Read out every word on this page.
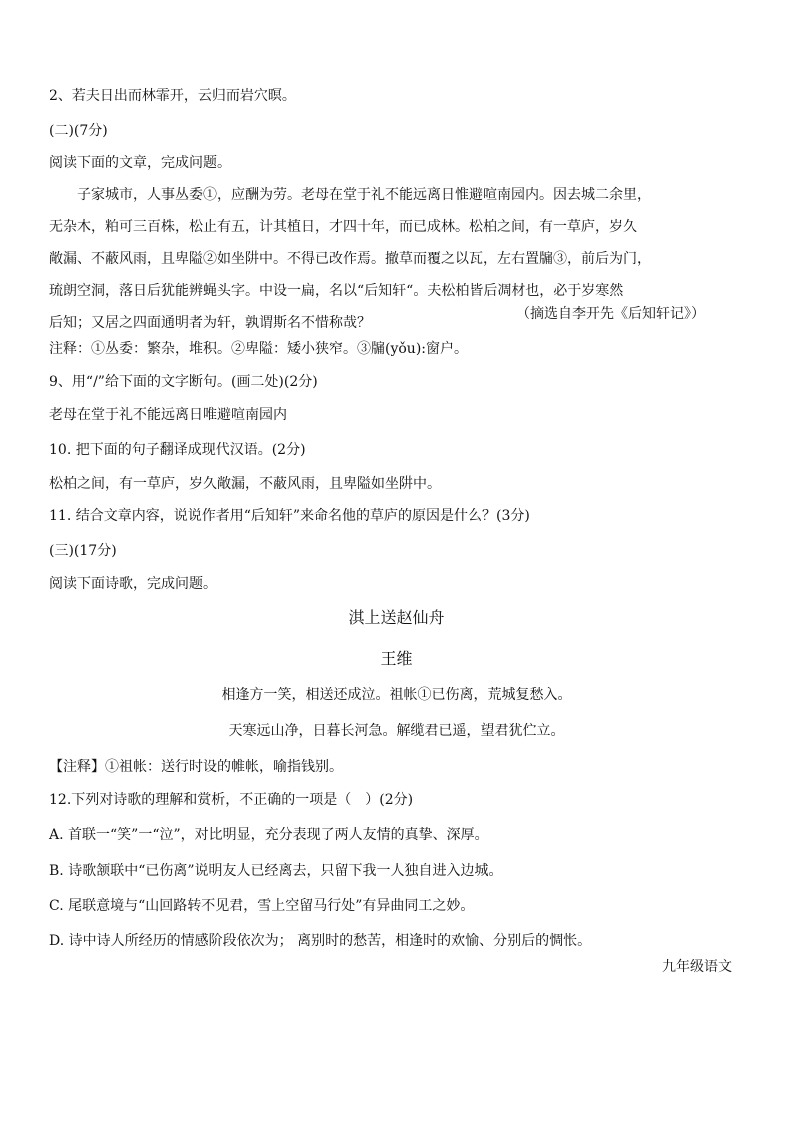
2、若夫日出而林霏开，云归而岩穴暝。
(二)(7分)
阅读下面的文章，完成问题。
　　子家城市，人事丛委①，应酬为劳。老母在堂于礼不能远离日惟避喧南园内。因去城二余里，
无杂木，粕可三百株，松止有五，计其植日，才四十年，而已成林。松柏之间，有一草庐，岁久
敞漏、不蔽风雨，且卑隘②如坐阱中。不得已改作焉。撤草而覆之以瓦，左右置牖③，前后为门，
琉朗空洞，落日后犹能辨蝇头字。中设一扁，名以“后知轩“。夫松柏皆后凋材也，必于岁寒然
后知；又居之四面通明者为轩，孰谓斯名不惜称哉？
（摘选自李开先《后知轩记》）
注释：①丛委：繁杂，堆积。②卑隘：矮小狭窄。③牖(yǒu):窗户。
9、用“/”给下面的文字断句。(画二处)(2分)
老母在堂于礼不能远离日唯避喧南园内
10. 把下面的句子翻译成现代汉语。(2分)
松柏之间，有一草庐，岁久敞漏，不蔽风雨，且卑隘如坐阱中。
11. 结合文章内容，说说作者用“后知轩”来命名他的草庐的原因是什么？(3分)
(三)(17分)
阅读下面诗歌，完成问题。
淇上送赵仙舟
王维
相逢方一笑，相送还成泣。祖帐①已伤离，荒城复愁入。
天寒远山净，日暮长河急。解缆君已遥，望君犹伫立。
【注释】①祖帐：送行时设的帷帐，喻指钱别。
12.下列对诗歌的理解和赏析，不正确的一项是（　）(2分)
A. 首联一“笑”一“泣”，对比明显，充分表现了两人友情的真挚、深厚。
B. 诗歌颔联中“已伤离”说明友人已经离去，只留下我一人独自进入边城。
C. 尾联意境与“山回路转不见君，雪上空留马行处”有异曲同工之妙。
D. 诗中诗人所经历的情感阶段依次为； 离别时的愁苦，相逢时的欢愉、分别后的惆怅。
九年级语文
